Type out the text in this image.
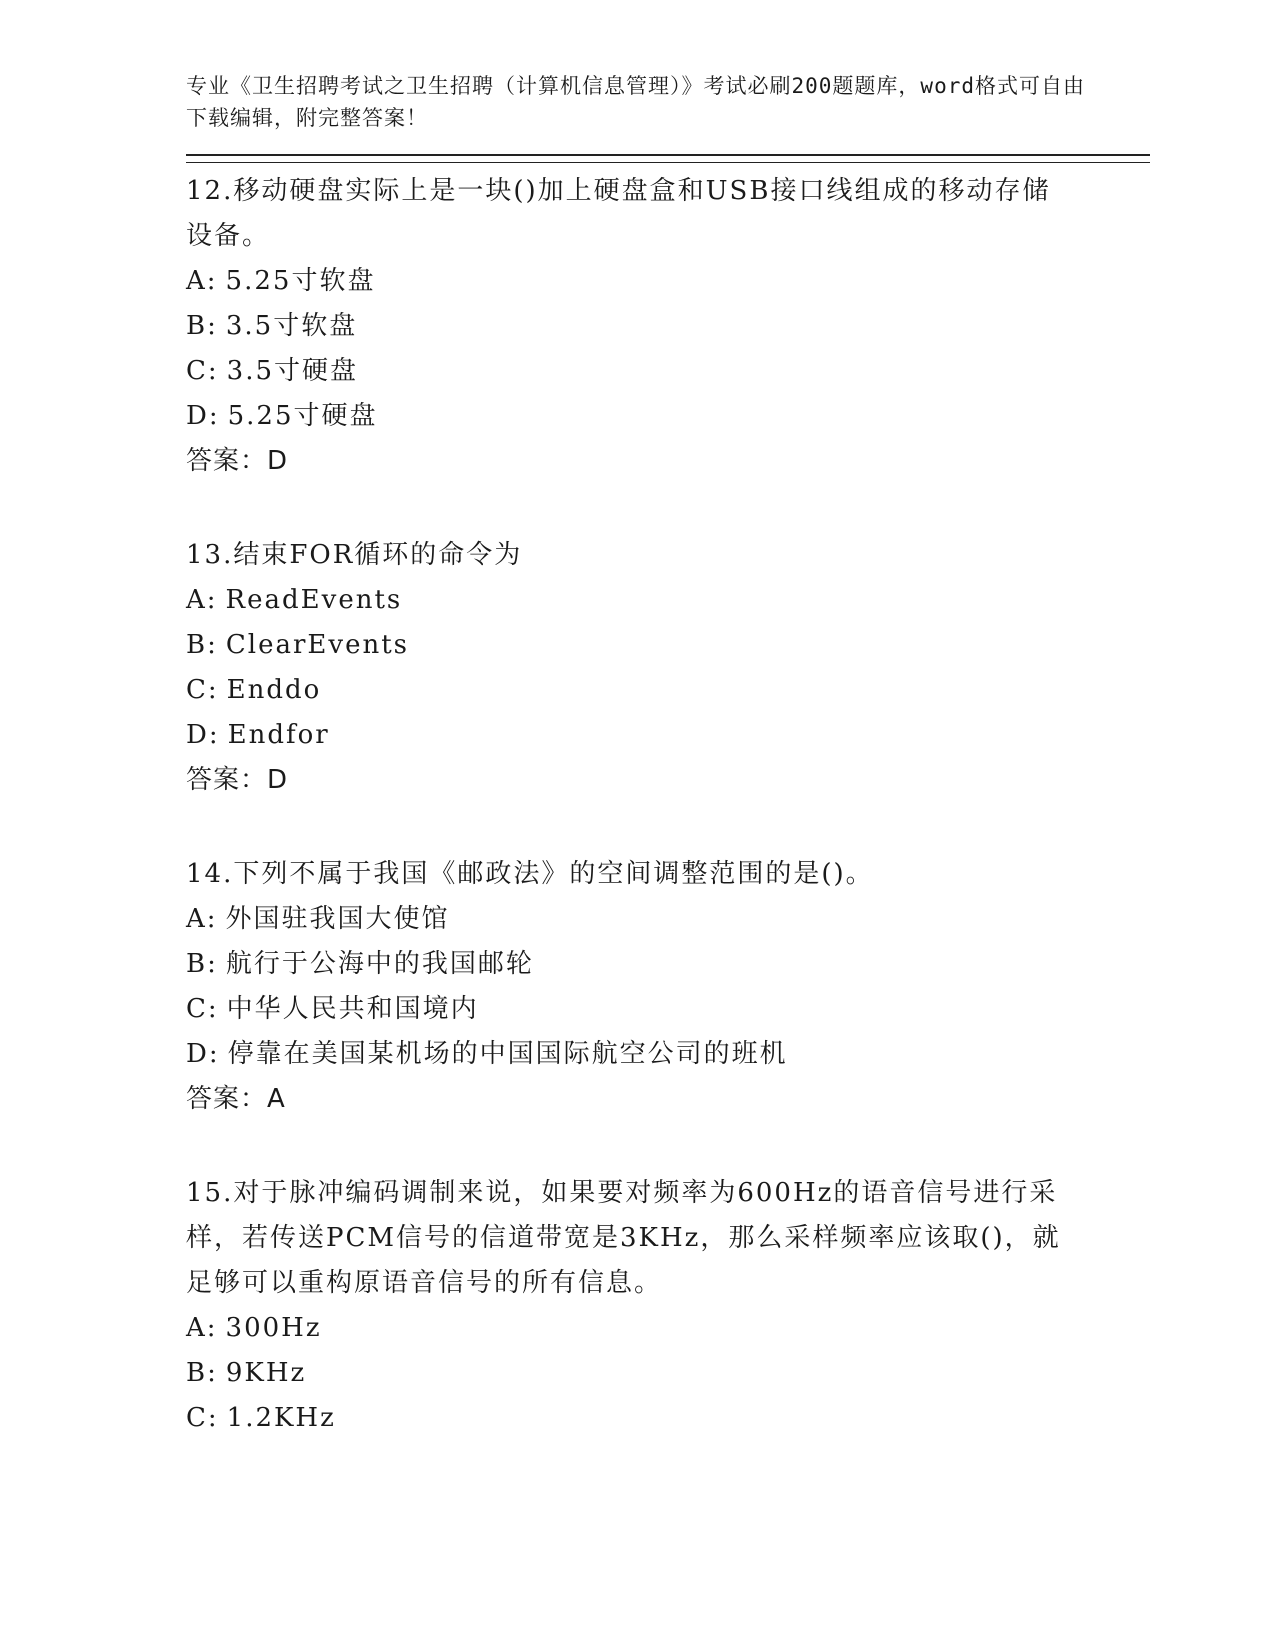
专业《卫生招聘考试之卫生招聘（计算机信息管理）》考试必刷200题题库，word格式可自由下载编辑，附完整答案！
12.移动硬盘实际上是一块()加上硬盘盒和USB接口线组成的移动存储设备。
A: 5.25寸软盘
B: 3.5寸软盘
C: 3.5寸硬盘
D: 5.25寸硬盘
答案：D
13.结束FOR循环的命令为
A: ReadEvents
B: ClearEvents
C: Enddo
D: Endfor
答案：D
14.下列不属于我国《邮政法》的空间调整范围的是()。
A: 外国驻我国大使馆
B: 航行于公海中的我国邮轮
C: 中华人民共和国境内
D: 停靠在美国某机场的中国国际航空公司的班机
答案：A
15.对于脉冲编码调制来说，如果要对频率为600Hz的语音信号进行采样，若传送PCM信号的信道带宽是3KHz，那么采样频率应该取()，就足够可以重构原语音信号的所有信息。
A: 300Hz
B: 9KHz
C: 1.2KHz
